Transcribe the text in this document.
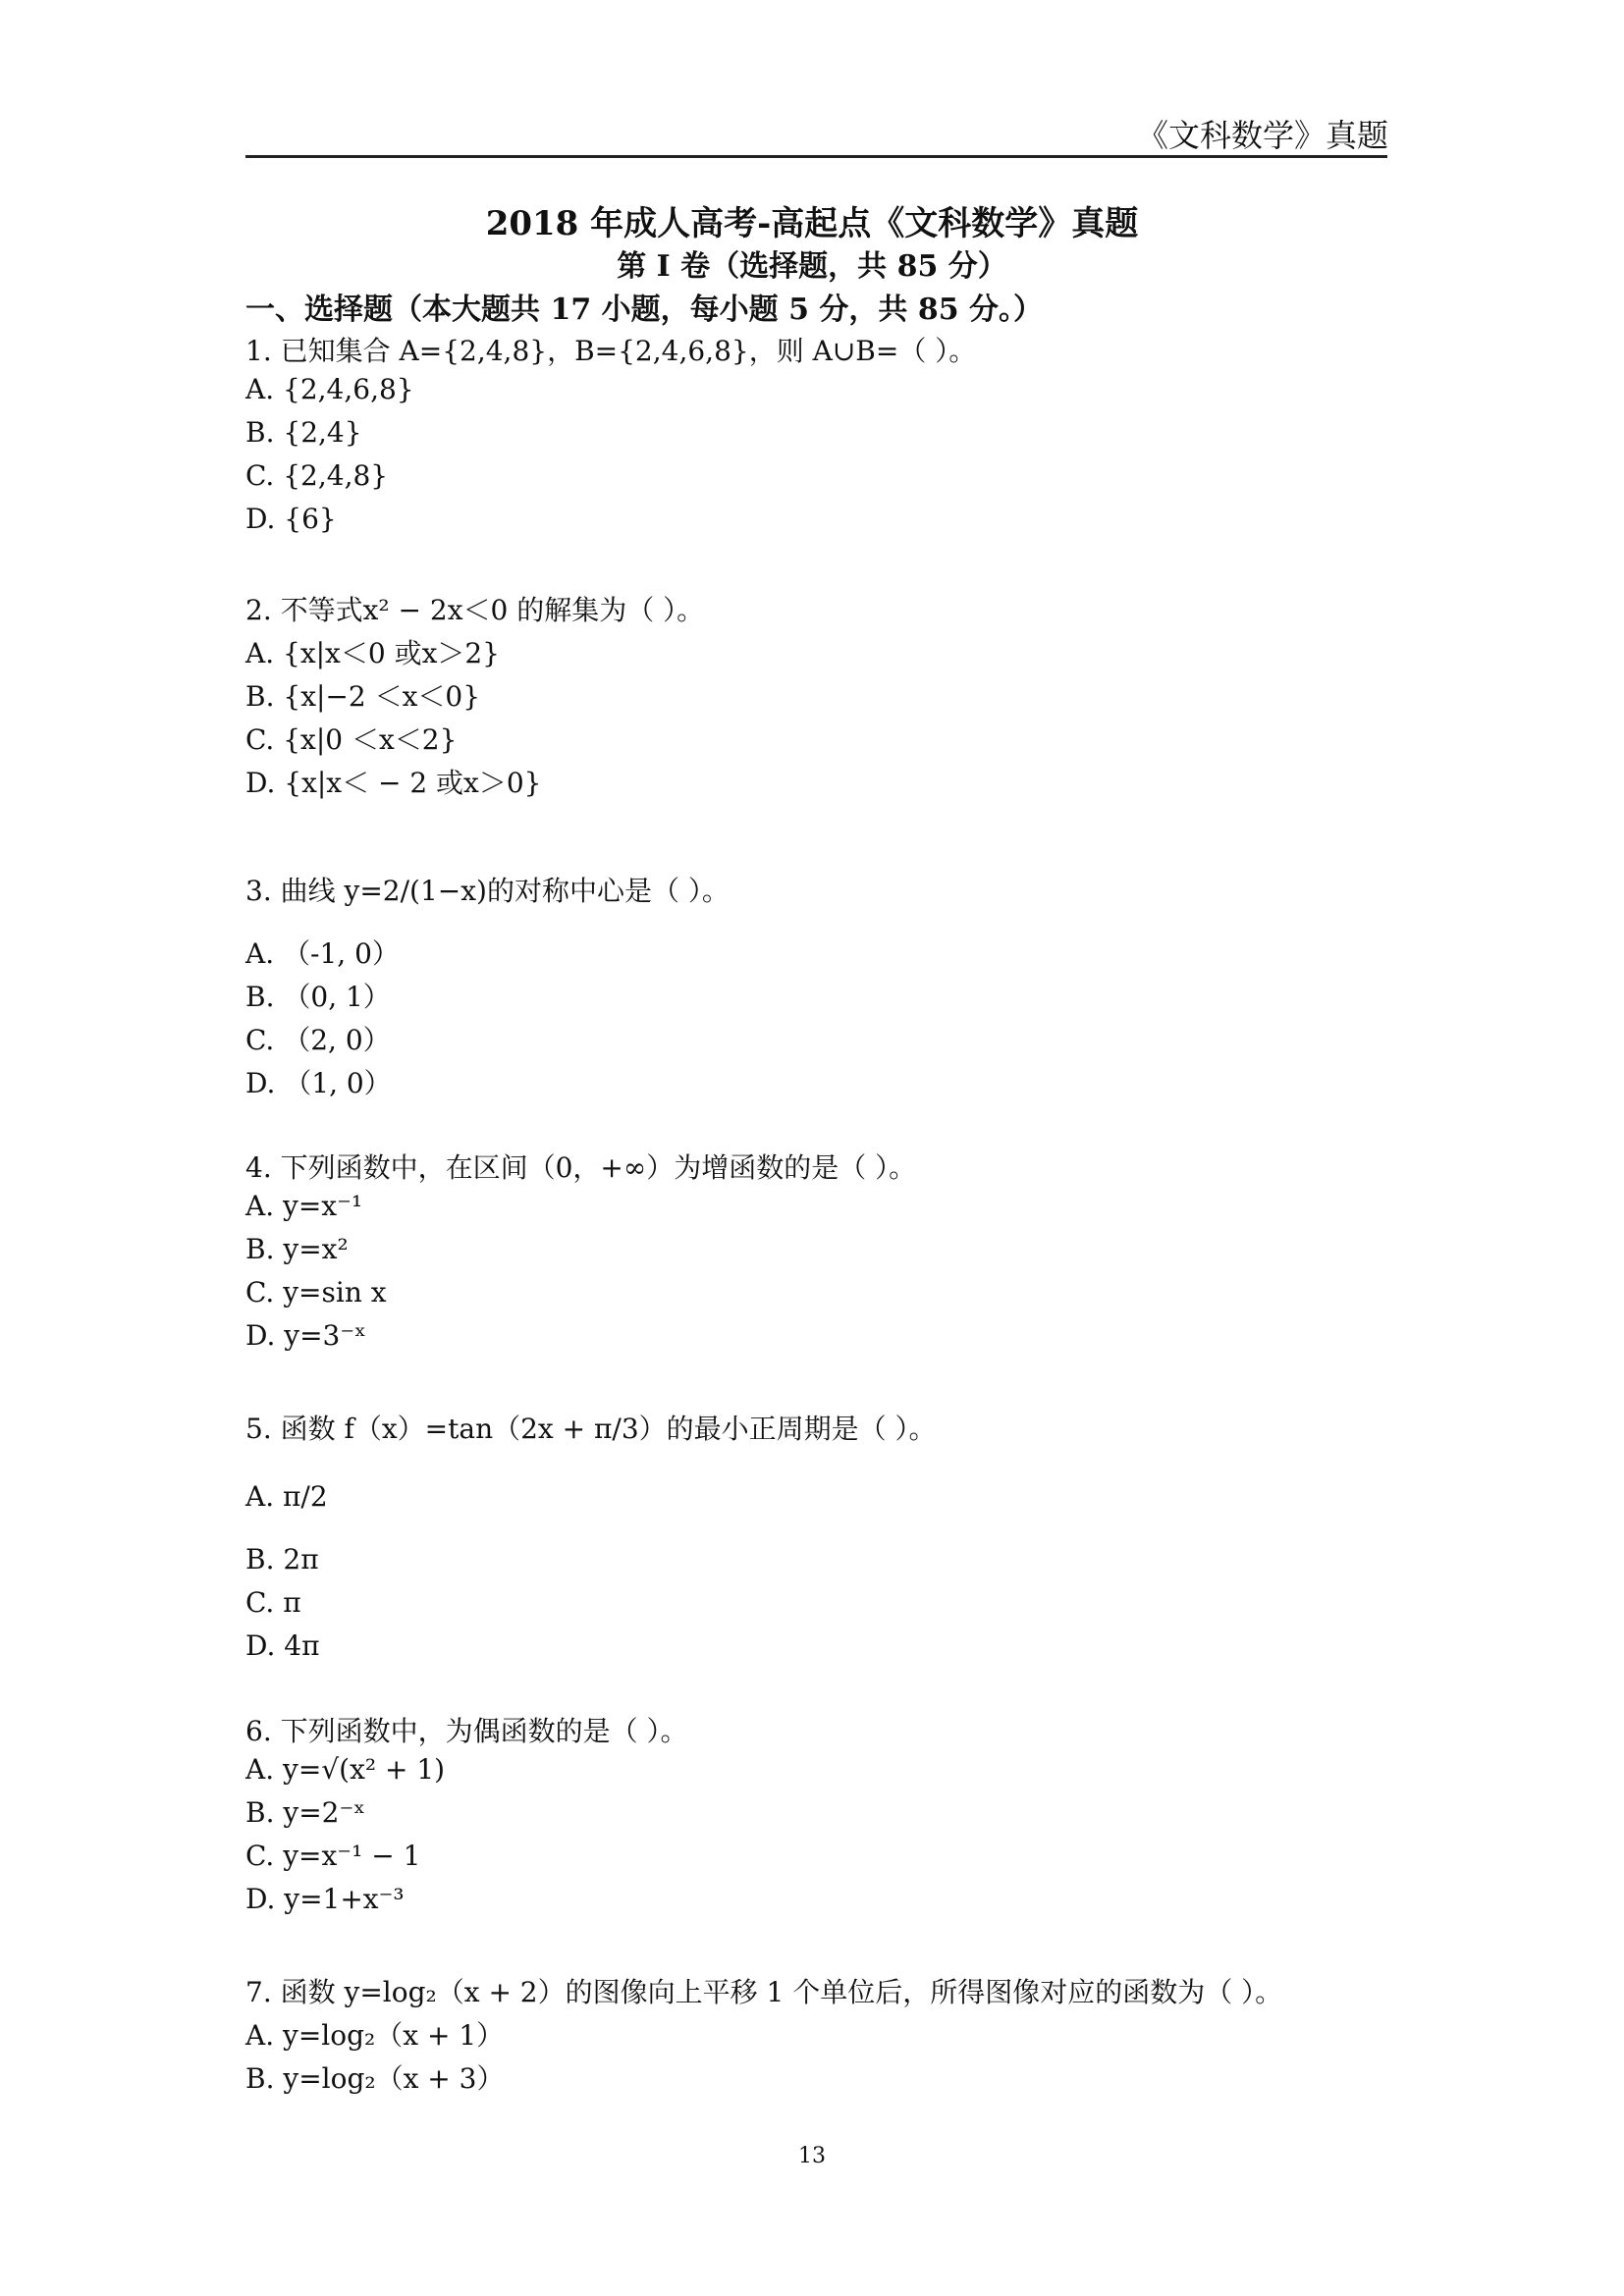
《文科数学》真题
2018 年成人高考-高起点《文科数学》真题
第 I 卷（选择题，共 85 分）
一、选择题（本大题共 17 小题，每小题 5 分，共 85 分。）
1. 已知集合 A={2,4,8}，B={2,4,6,8}，则 A∪B=（ ）。
A. {2,4,6,8}
B. {2,4}
C. {2,4,8}
D. {6}
2. 不等式x² − 2x＜0 的解集为（ ）。
A. {x|x＜0 或x＞2}
B. {x|−2 ＜x＜0}
C. {x|0 ＜x＜2}
D. {x|x＜ − 2 或x＞0}
3. 曲线 y=2/(1−x)的对称中心是（ ）。
A. （-1, 0）
B. （0, 1）
C. （2, 0）
D. （1, 0）
4. 下列函数中，在区间（0，+∞）为增函数的是（ ）。
A. y=x⁻¹
B. y=x²
C. y=sin x
D. y=3⁻ˣ
5. 函数 f（x）=tan（2x + π/3）的最小正周期是（ ）。
A. π/2
B. 2π
C. π
D. 4π
6. 下列函数中，为偶函数的是（ ）。
A. y=√(x² + 1)
B. y=2⁻ˣ
C. y=x⁻¹ − 1
D. y=1+x⁻³
7. 函数 y=log₂（x + 2）的图像向上平移 1 个单位后，所得图像对应的函数为（ ）。
A. y=log₂（x + 1）
B. y=log₂（x + 3）
13
